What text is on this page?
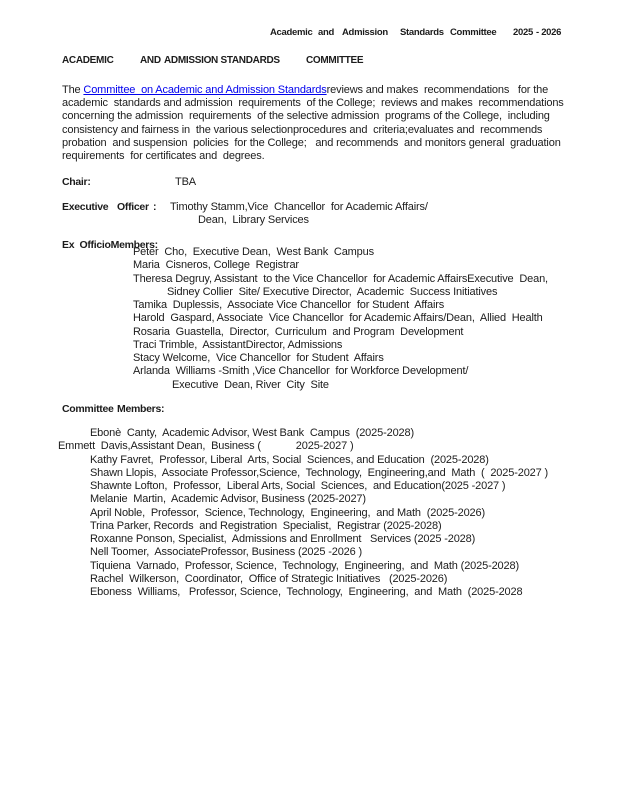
Academic and Admission Standards Committee 2025 - 2026
ACADEMIC	AND ADMISSION STANDARDS	COMMITTEE
The Committee  on Academic and Admission Standardsreviews and makes  recommendations   for the
academic  standards and admission  requirements  of the College;  reviews and makes  recommendations
concerning the admission  requirements  of the selective admission  programs of the College,  including
consistency and fairness in  the various selectionprocedures and  criteria;evaluates and  recommends
probation  and suspension  policies  for the College;   and recommends  and monitors general  graduation
requirements  for certificates and  degrees.
Chair:	TBA
Executive Officer : Timothy Stamm,Vice  Chancellor  for Academic Affairs/
Dean,  Library Services
Ex  OfficioMembers:
Peter  Cho,  Executive Dean,  West Bank  Campus
Maria  Cisneros, College  Registrar
Theresa Degruy, Assistant  to the Vice Chancellor  for Academic AffairsExecutive  Dean,
Sidney Collier  Site/ Executive Director,  Academic  Success Initiatives
Tamika  Duplessis,  Associate Vice Chancellor  for Student  Affairs
Harold  Gaspard, Associate  Vice Chancellor  for Academic Affairs/Dean,  Allied  Health
Rosaria  Guastella,  Director,  Curriculum  and Program  Development
Traci Trimble,  AssistantDirector, Admissions
Stacy Welcome,  Vice Chancellor  for Student  Affairs
Arlanda  Williams -Smith ,Vice Chancellor  for Workforce Development/
Executive  Dean, River  City  Site
Committee Members:
Ebonè  Canty,  Academic Advisor, West Bank  Campus  (2025-2028)
Emmett  Davis,Assistant Dean,  Business (            2025-2027 )
Kathy Favret,  Professor, Liberal  Arts, Social  Sciences, and Education  (2025-2028)
Shawn Llopis,  Associate Professor,Science,  Technology,  Engineering,and  Math  (  2025-2027 )
Shawnte Lofton,  Professor,  Liberal Arts, Social  Sciences,  and Education(2025 -2027 )
Melanie  Martin,  Academic Advisor, Business (2025-2027)
April Noble,  Professor,  Science, Technology,  Engineering,  and Math  (2025-2026)
Trina Parker, Records  and Registration  Specialist,  Registrar (2025-2028)
Roxanne Ponson, Specialist,  Admissions and Enrollment   Services (2025 -2028)
Nell Toomer,  AssociateProfessor, Business (2025 -2026 )
Tiquiena  Varnado,  Professor, Science,  Technology,  Engineering,  and  Math (2025-2028)
Rachel  Wilkerson,  Coordinator,  Office of Strategic Initiatives   (2025-2026)
Eboness  Williams,   Professor, Science,  Technology,  Engineering,  and  Math  (2025-2028
